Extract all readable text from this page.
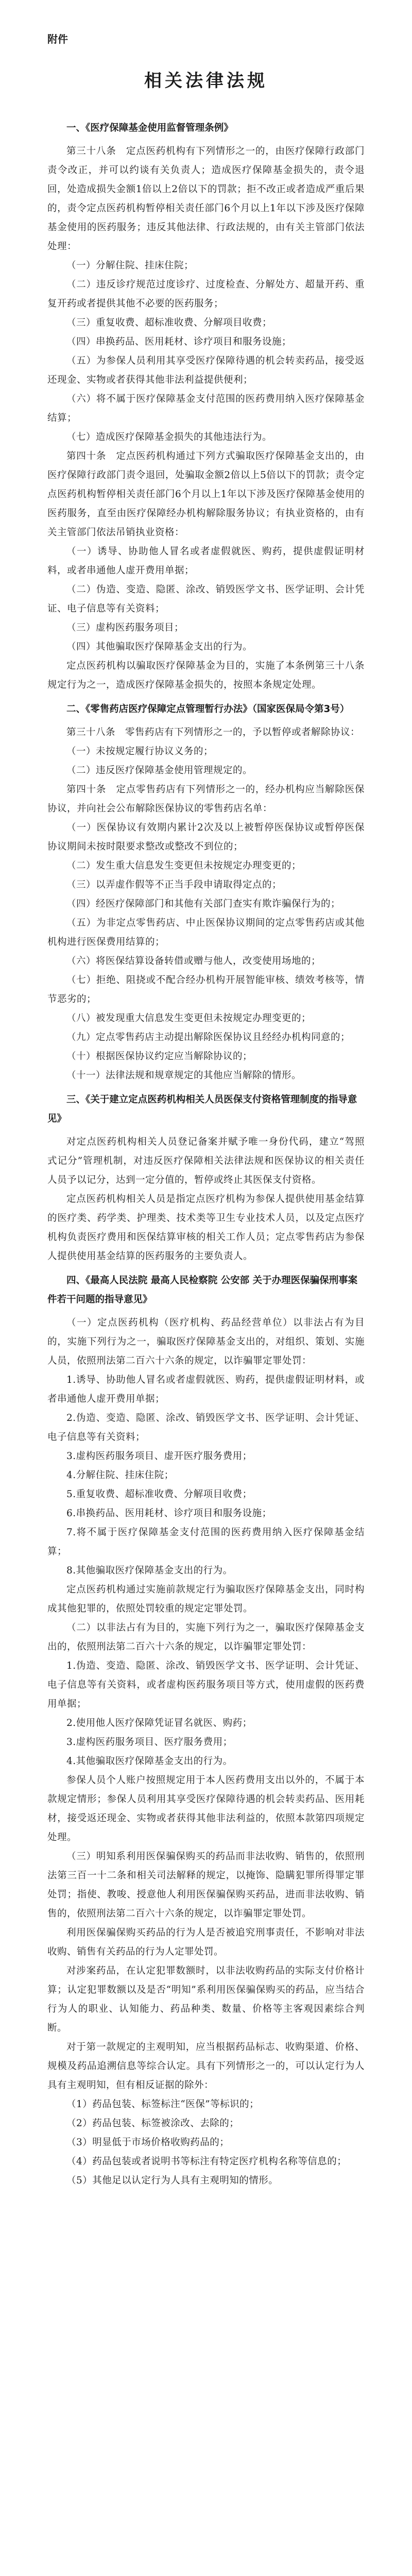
附件
相关法律法规
一、《医疗保障基金使用监督管理条例》

第三十八条　定点医药机构有下列情形之一的，由医疗保障行政部门责令改正，并可以约谈有关负责人；造成医疗保障基金损失的，责令退回，处造成损失金额1倍以上2倍以下的罚款；拒不改正或者造成严重后果的，责令定点医药机构暂停相关责任部门6个月以上1年以下涉及医疗保障基金使用的医药服务；违反其他法律、行政法规的，由有关主管部门依法处理：

（一）分解住院、挂床住院；

（二）违反诊疗规范过度诊疗、过度检查、分解处方、超量开药、重复开药或者提供其他不必要的医药服务；

（三）重复收费、超标准收费、分解项目收费；

（四）串换药品、医用耗材、诊疗项目和服务设施；

（五）为参保人员利用其享受医疗保障待遇的机会转卖药品，接受返还现金、实物或者获得其他非法利益提供便利；

（六）将不属于医疗保障基金支付范围的医药费用纳入医疗保障基金结算；

（七）造成医疗保障基金损失的其他违法行为。

第四十条　定点医药机构通过下列方式骗取医疗保障基金支出的，由医疗保障行政部门责令退回，处骗取金额2倍以上5倍以下的罚款；责令定点医药机构暂停相关责任部门6个月以上1年以下涉及医疗保障基金使用的医药服务，直至由医疗保障经办机构解除服务协议；有执业资格的，由有关主管部门依法吊销执业资格：

（一）诱导、协助他人冒名或者虚假就医、购药，提供虚假证明材料，或者串通他人虚开费用单据；

（二）伪造、变造、隐匿、涂改、销毁医学文书、医学证明、会计凭证、电子信息等有关资料；

（三）虚构医药服务项目；

（四）其他骗取医疗保障基金支出的行为。

定点医药机构以骗取医疗保障基金为目的，实施了本条例第三十八条规定行为之一，造成医疗保障基金损失的，按照本条规定处理。

二、《零售药店医疗保障定点管理暂行办法》（国家医保局令第3号）

第三十八条　零售药店有下列情形之一的，予以暂停或者解除协议：

（一）未按规定履行协议义务的；

（二）违反医疗保障基金使用管理规定的。

第四十条　定点零售药店有下列情形之一的，经办机构应当解除医保协议，并向社会公布解除医保协议的零售药店名单：

（一）医保协议有效期内累计2次及以上被暂停医保协议或暂停医保协议期间未按时限要求整改或整改不到位的；

（二）发生重大信息发生变更但未按规定办理变更的；

（三）以弄虚作假等不正当手段申请取得定点的；

（四）经医疗保障部门和其他有关部门查实有欺诈骗保行为的；

（五）为非定点零售药店、中止医保协议期间的定点零售药店或其他机构进行医保费用结算的；

（六）将医保结算设备转借或赠与他人，改变使用场地的；

（七）拒绝、阻挠或不配合经办机构开展智能审核、绩效考核等，情节恶劣的；

（八）被发现重大信息发生变更但未按规定办理变更的；

（九）定点零售药店主动提出解除医保协议且经经办机构同意的；

（十）根据医保协议约定应当解除协议的；

（十一）法律法规和规章规定的其他应当解除的情形。

三、《关于建立定点医药机构相关人员医保支付资格管理制度的指导意见》

对定点医药机构相关人员登记备案并赋予唯一身份代码，建立“驾照式记分”管理机制，对违反医疗保障相关法律法规和医保协议的相关责任人员予以记分，达到一定分值的，暂停或终止其医保支付资格。

定点医药机构相关人员是指定点医疗机构为参保人提供使用基金结算的医疗类、药学类、护理类、技术类等卫生专业技术人员，以及定点医疗机构负责医疗费用和医保结算审核的相关工作人员；定点零售药店为参保人提供使用基金结算的医药服务的主要负责人。

四、《最高人民法院 最高人民检察院 公安部 关于办理医保骗保刑事案件若干问题的指导意见》

（一）定点医药机构（医疗机构、药品经营单位）以非法占有为目的，实施下列行为之一，骗取医疗保障基金支出的，对组织、策划、实施人员，依照刑法第二百六十六条的规定，以诈骗罪定罪处罚：

1.诱导、协助他人冒名或者虚假就医、购药，提供虚假证明材料，或者串通他人虚开费用单据；

2.伪造、变造、隐匿、涂改、销毁医学文书、医学证明、会计凭证、电子信息等有关资料；

3.虚构医药服务项目、虚开医疗服务费用；

4.分解住院、挂床住院；

5.重复收费、超标准收费、分解项目收费；

6.串换药品、医用耗材、诊疗项目和服务设施；

7.将不属于医疗保障基金支付范围的医药费用纳入医疗保障基金结算；

8.其他骗取医疗保障基金支出的行为。

定点医药机构通过实施前款规定行为骗取医疗保障基金支出，同时构成其他犯罪的，依照处罚较重的规定定罪处罚。

（二）以非法占有为目的，实施下列行为之一，骗取医疗保障基金支出的，依照刑法第二百六十六条的规定，以诈骗罪定罪处罚：

1.伪造、变造、隐匿、涂改、销毁医学文书、医学证明、会计凭证、电子信息等有关资料，或者虚构医药服务项目等方式，使用虚假的医药费用单据；

2.使用他人医疗保障凭证冒名就医、购药；

3.虚构医药服务项目、医疗服务费用；

4.其他骗取医疗保障基金支出的行为。

参保人员个人账户按照规定用于本人医药费用支出以外的，不属于本款规定情形；参保人员利用其享受医疗保障待遇的机会转卖药品、医用耗材，接受返还现金、实物或者获得其他非法利益的，依照本款第四项规定处理。

（三）明知系利用医保骗保购买的药品而非法收购、销售的，依照刑法第三百一十二条和相关司法解释的规定，以掩饰、隐瞒犯罪所得罪定罪处罚；指使、教唆、授意他人利用医保骗保购买药品，进而非法收购、销售的，依照刑法第二百六十六条的规定，以诈骗罪定罪处罚。

利用医保骗保购买药品的行为人是否被追究刑事责任，不影响对非法收购、销售有关药品的行为人定罪处罚。

对涉案药品，在认定犯罪数额时，以非法收购药品的实际支付价格计算；认定犯罪数额以及是否“明知”系利用医保骗保购买的药品，应当结合行为人的职业、认知能力、药品种类、数量、价格等主客观因素综合判断。

对于第一款规定的主观明知，应当根据药品标志、收购渠道、价格、规模及药品追溯信息等综合认定。具有下列情形之一的，可以认定行为人具有主观明知，但有相反证据的除外：

（1）药品包装、标签标注“医保”等标识的；

（2）药品包装、标签被涂改、去除的；

（3）明显低于市场价格收购药品的；

（4）药品包装或者说明书等标注有特定医疗机构名称等信息的；

（5）其他足以认定行为人具有主观明知的情形。
